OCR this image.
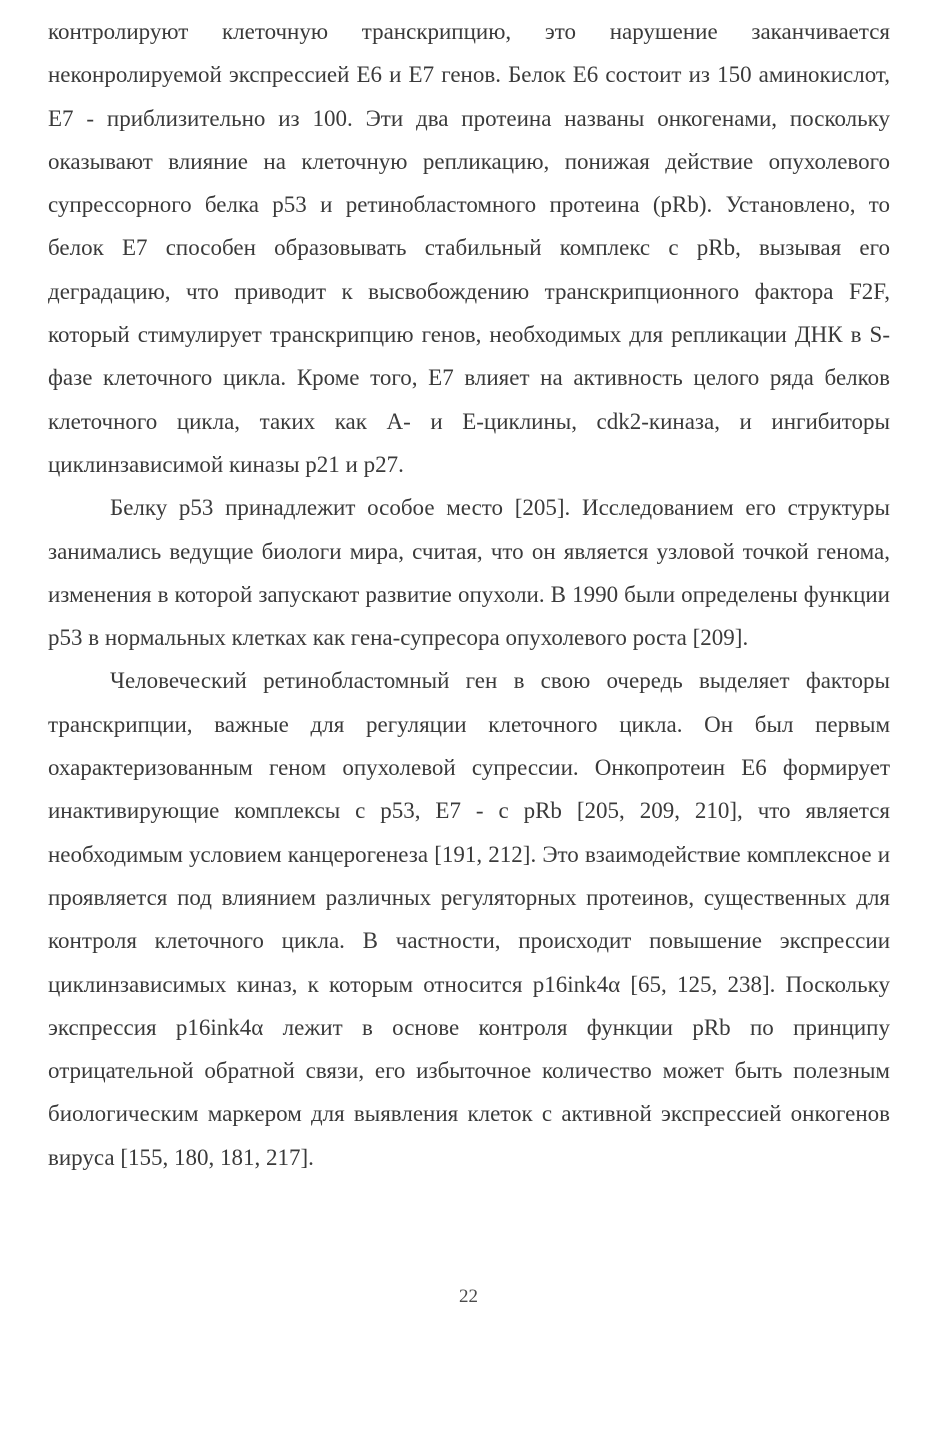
контролируют клеточную транскрипцию, это нарушение заканчивается неконролируемой экспрессией Е6 и Е7 генов. Белок Е6 состоит из 150 аминокислот, Е7 - приблизительно из 100. Эти два протеина названы онкогенами, поскольку оказывают влияние на клеточную репликацию, понижая действие опухолевого супрессорного белка р53 и ретинобластомного протеина (pRb). Установлено, то белок Е7 способен образовывать стабильный комплекс с pRb, вызывая его деградацию, что приводит к высвобождению транскрипционного фактора F2F, который стимулирует транскрипцию генов, необходимых для репликации ДНК в S-фазе клеточного цикла. Кроме того, Е7 влияет на активность целого ряда белков клеточного цикла, таких как А- и Е-циклины, cdk2-киназа, и ингибиторы циклинзависимой киназы p21 и p27.

Белку р53 принадлежит особое место [205]. Исследованием его структуры занимались ведущие биологи мира, считая, что он является узловой точкой генома, изменения в которой запускают развитие опухоли. В 1990 были определены функции р53 в нормальных клетках как гена-супресора опухолевого роста [209].

Человеческий ретинобластомный ген в свою очередь выделяет факторы транскрипции, важные для регуляции клеточного цикла. Он был первым охарактеризованным геном опухолевой супрессии. Онкопротеин Е6 формирует инактивирующие комплексы с р53, Е7 - с pRb [205, 209, 210], что является необходимым условием канцерогенеза [191, 212]. Это взаимодействие комплексное и проявляется под влиянием различных регуляторных протеинов, существенных для контроля клеточного цикла. В частности, происходит повышение экспрессии циклинзависимых киназ, к которым относится p16ink4α [65, 125, 238]. Поскольку экспрессия p16ink4α лежит в основе контроля функции pRb по принципу отрицательной обратной связи, его избыточное количество может быть полезным биологическим маркером для выявления клеток с активной экспрессией онкогенов вируса [155, 180, 181, 217].

22
